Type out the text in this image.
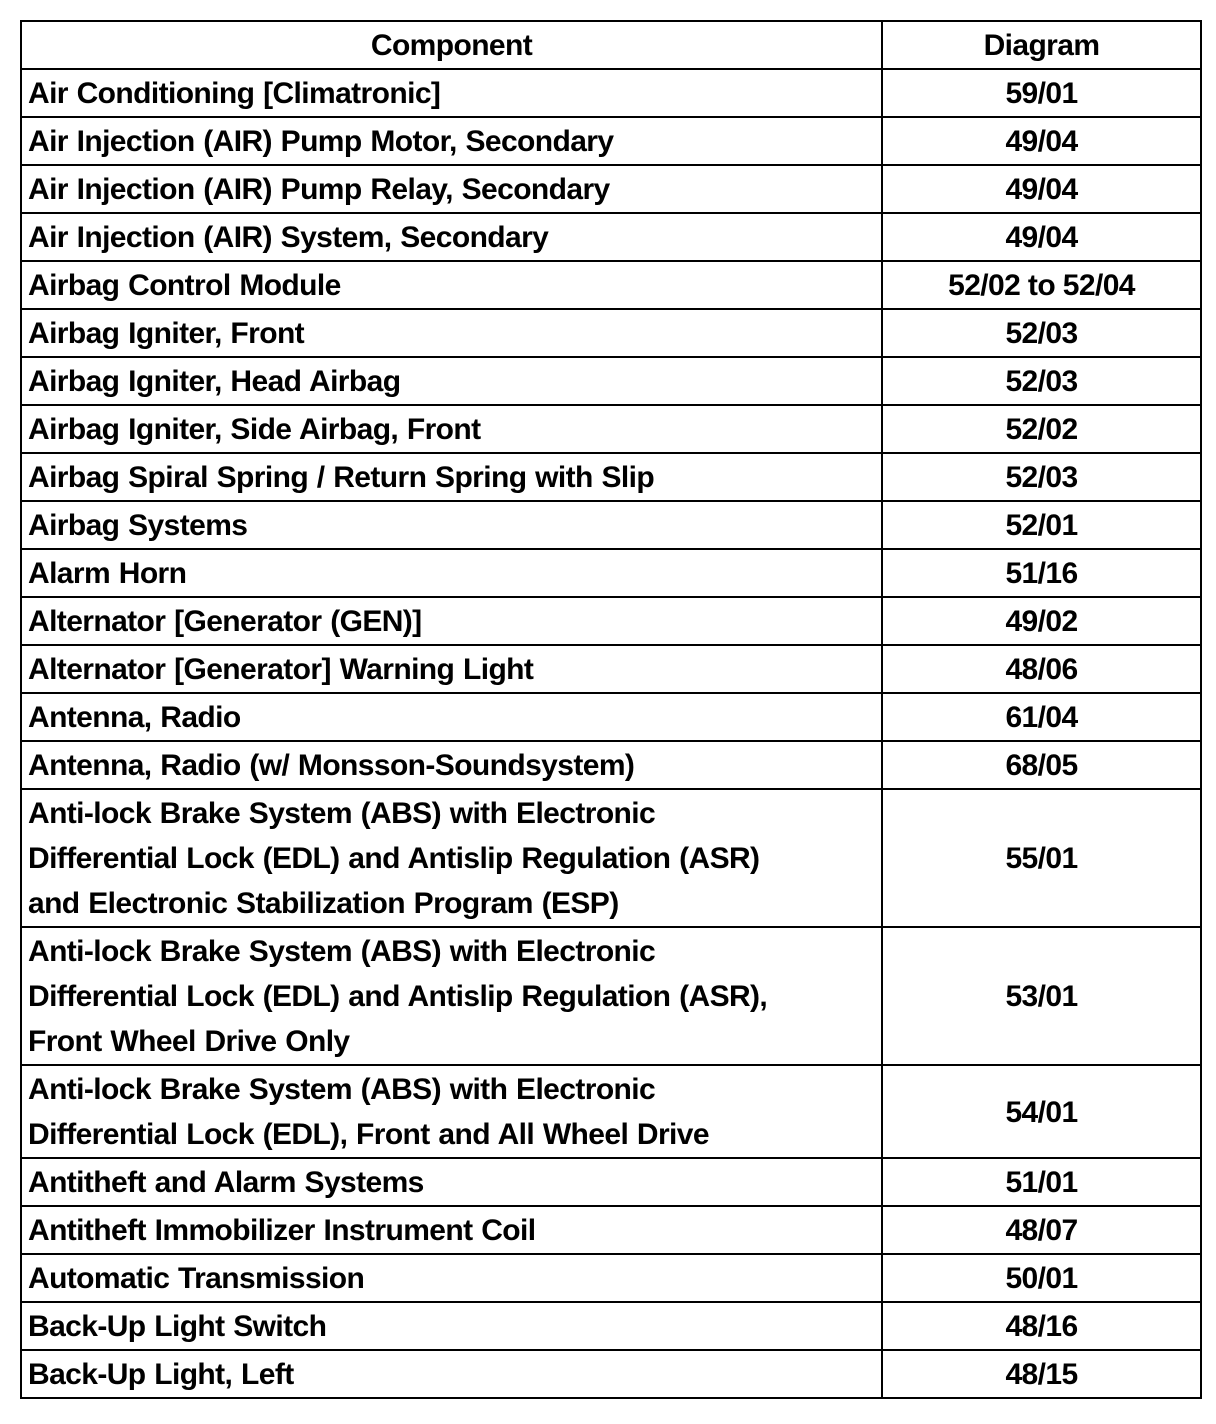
Component	Diagram
Air Conditioning [Climatronic]	59/01
Air Injection (AIR) Pump Motor, Secondary	49/04
Air Injection (AIR) Pump Relay, Secondary	49/04
Air Injection (AIR) System, Secondary	49/04
Airbag Control Module	52/02 to 52/04
Airbag Igniter, Front	52/03
Airbag Igniter, Head Airbag	52/03
Airbag Igniter, Side Airbag, Front	52/02
Airbag Spiral Spring / Return Spring with Slip	52/03
Airbag Systems	52/01
Alarm Horn	51/16
Alternator [Generator (GEN)]	49/02
Alternator [Generator] Warning Light	48/06
Antenna, Radio	61/04
Antenna, Radio (w/ Monsson-Soundsystem)	68/05
Anti-lock Brake System (ABS) with Electronic
Differential Lock (EDL) and Antislip Regulation (ASR)
and Electronic Stabilization Program (ESP)	55/01
Anti-lock Brake System (ABS) with Electronic
Differential Lock (EDL) and Antislip Regulation (ASR),
Front Wheel Drive Only	53/01
Anti-lock Brake System (ABS) with Electronic
Differential Lock (EDL), Front and All Wheel Drive	54/01
Antitheft and Alarm Systems	51/01
Antitheft Immobilizer Instrument Coil	48/07
Automatic Transmission	50/01
Back-Up Light Switch	48/16
Back-Up Light, Left	48/15
